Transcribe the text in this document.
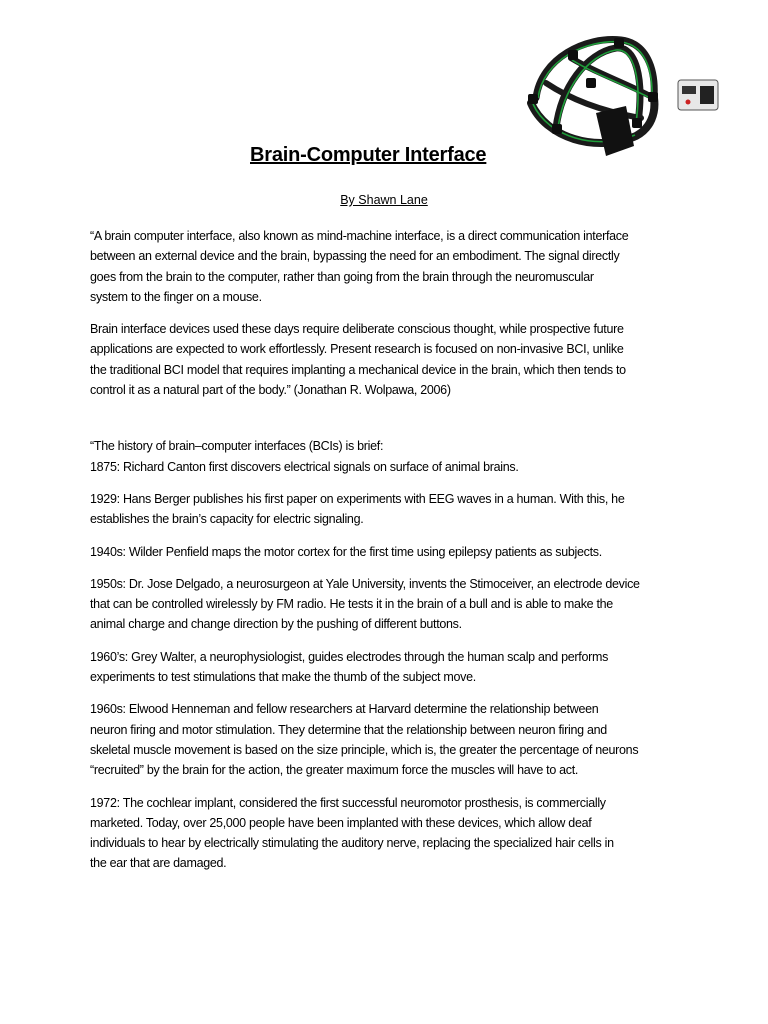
Brain-Computer Interface

By Shawn Lane

“A brain computer interface, also known as mind-machine interface, is a direct communication interface
between an external device and the brain, bypassing the need for an embodiment. The signal directly
goes from the brain to the computer, rather than going from the brain through the neuromuscular
system to the finger on a mouse.

Brain interface devices used these days require deliberate conscious thought, while prospective future
applications are expected to work effortlessly. Present research is focused on non-invasive BCI, unlike
the traditional BCI model that requires implanting a mechanical device in the brain, which then tends to
control it as a natural part of the body.” (Jonathan R. Wolpawa, 2006)

“The history of brain–computer interfaces (BCIs) is brief:
1875: Richard Canton first discovers electrical signals on surface of animal brains.

1929: Hans Berger publishes his first paper on experiments with EEG waves in a human. With this, he
establishes the brain’s capacity for electric signaling.

1940s: Wilder Penfield maps the motor cortex for the first time using epilepsy patients as subjects.

1950s: Dr. Jose Delgado, a neurosurgeon at Yale University, invents the Stimoceiver, an electrode device
that can be controlled wirelessly by FM radio. He tests it in the brain of a bull and is able to make the
animal charge and change direction by the pushing of different buttons.

1960’s: Grey Walter, a neurophysiologist, guides electrodes through the human scalp and performs
experiments to test stimulations that make the thumb of the subject move.

1960s: Elwood Henneman and fellow researchers at Harvard determine the relationship between
neuron firing and motor stimulation. They determine that the relationship between neuron firing and
skeletal muscle movement is based on the size principle, which is, the greater the percentage of neurons
“recruited” by the brain for the action, the greater maximum force the muscles will have to act.

1972: The cochlear implant, considered the first successful neuromotor prosthesis, is commercially
marketed. Today, over 25,000 people have been implanted with these devices, which allow deaf
individuals to hear by electrically stimulating the auditory nerve, replacing the specialized hair cells in
the ear that are damaged.
